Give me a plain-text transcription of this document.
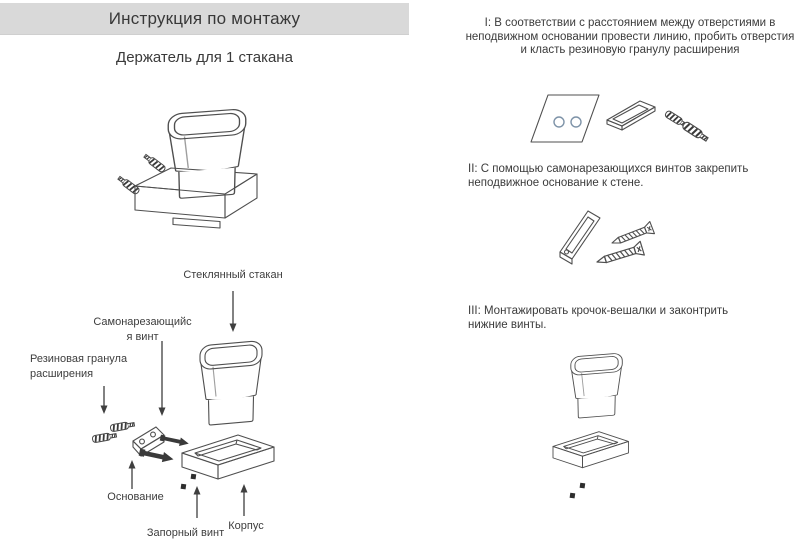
Инструкция по монтажу
Держатель для 1 стакана
Стеклянный стакан
Самонарезающийс
я винт
Резиновая гранула расширения
Основание
Запорный винт
Корпус
I: В соответствии с расстоянием между отверстиями в неподвижном основании провести линию, пробить отверстия и класть резиновую гранулу расширения
II: С помощью самонарезающихся винтов закрепить неподвижное основание к стене.
III: Монтажировать крочок-вешалки и законтрить нижние винты.
